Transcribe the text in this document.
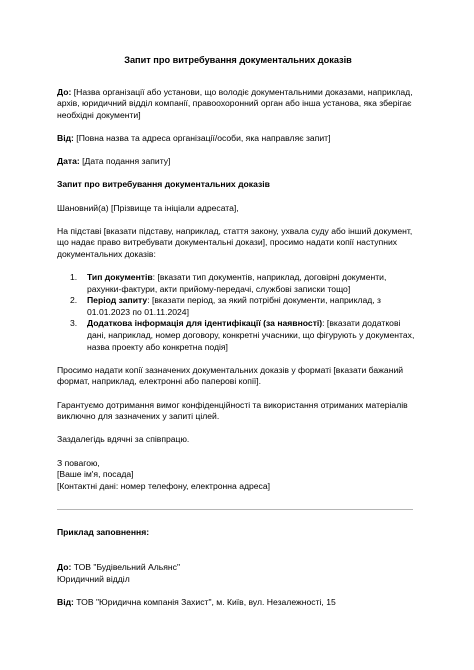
Запит про витребування документальних доказів

До: [Назва організації або установи, що володіє документальними доказами, наприклад, архів, юридичний відділ компанії, правоохоронний орган або інша установа, яка зберігає необхідні документи]

Від: [Повна назва та адреса організації/особи, яка направляє запит]

Дата: [Дата подання запиту]

Запит про витребування документальних доказів

Шановний(а) [Прізвище та ініціали адресата],

На підставі [вказати підставу, наприклад, стаття закону, ухвала суду або інший документ, що надає право витребувати документальні докази], просимо надати копії наступних документальних доказів:

1. Тип документів: [вказати тип документів, наприклад, договірні документи, рахунки-фактури, акти прийому-передачі, службові записки тощо]
2. Період запиту: [вказати період, за який потрібні документи, наприклад, з 01.01.2023 по 01.11.2024]
3. Додаткова інформація для ідентифікації (за наявності): [вказати додаткові дані, наприклад, номер договору, конкретні учасники, що фігурують у документах, назва проекту або конкретна подія]

Просимо надати копії зазначених документальних доказів у форматі [вказати бажаний формат, наприклад, електронні або паперові копії].

Гарантуємо дотримання вимог конфіденційності та використання отриманих матеріалів виключно для зазначених у запиті цілей.

Заздалегідь вдячні за співпрацю.

З повагою,

[Ваше ім'я, посада]

[Контактні дані: номер телефону, електронна адреса]

Приклад заповнення:

До: ТОВ "Будівельний Альянс"

Юридичний відділ

Від: ТОВ "Юридична компанія Захист", м. Київ, вул. Незалежності, 15
